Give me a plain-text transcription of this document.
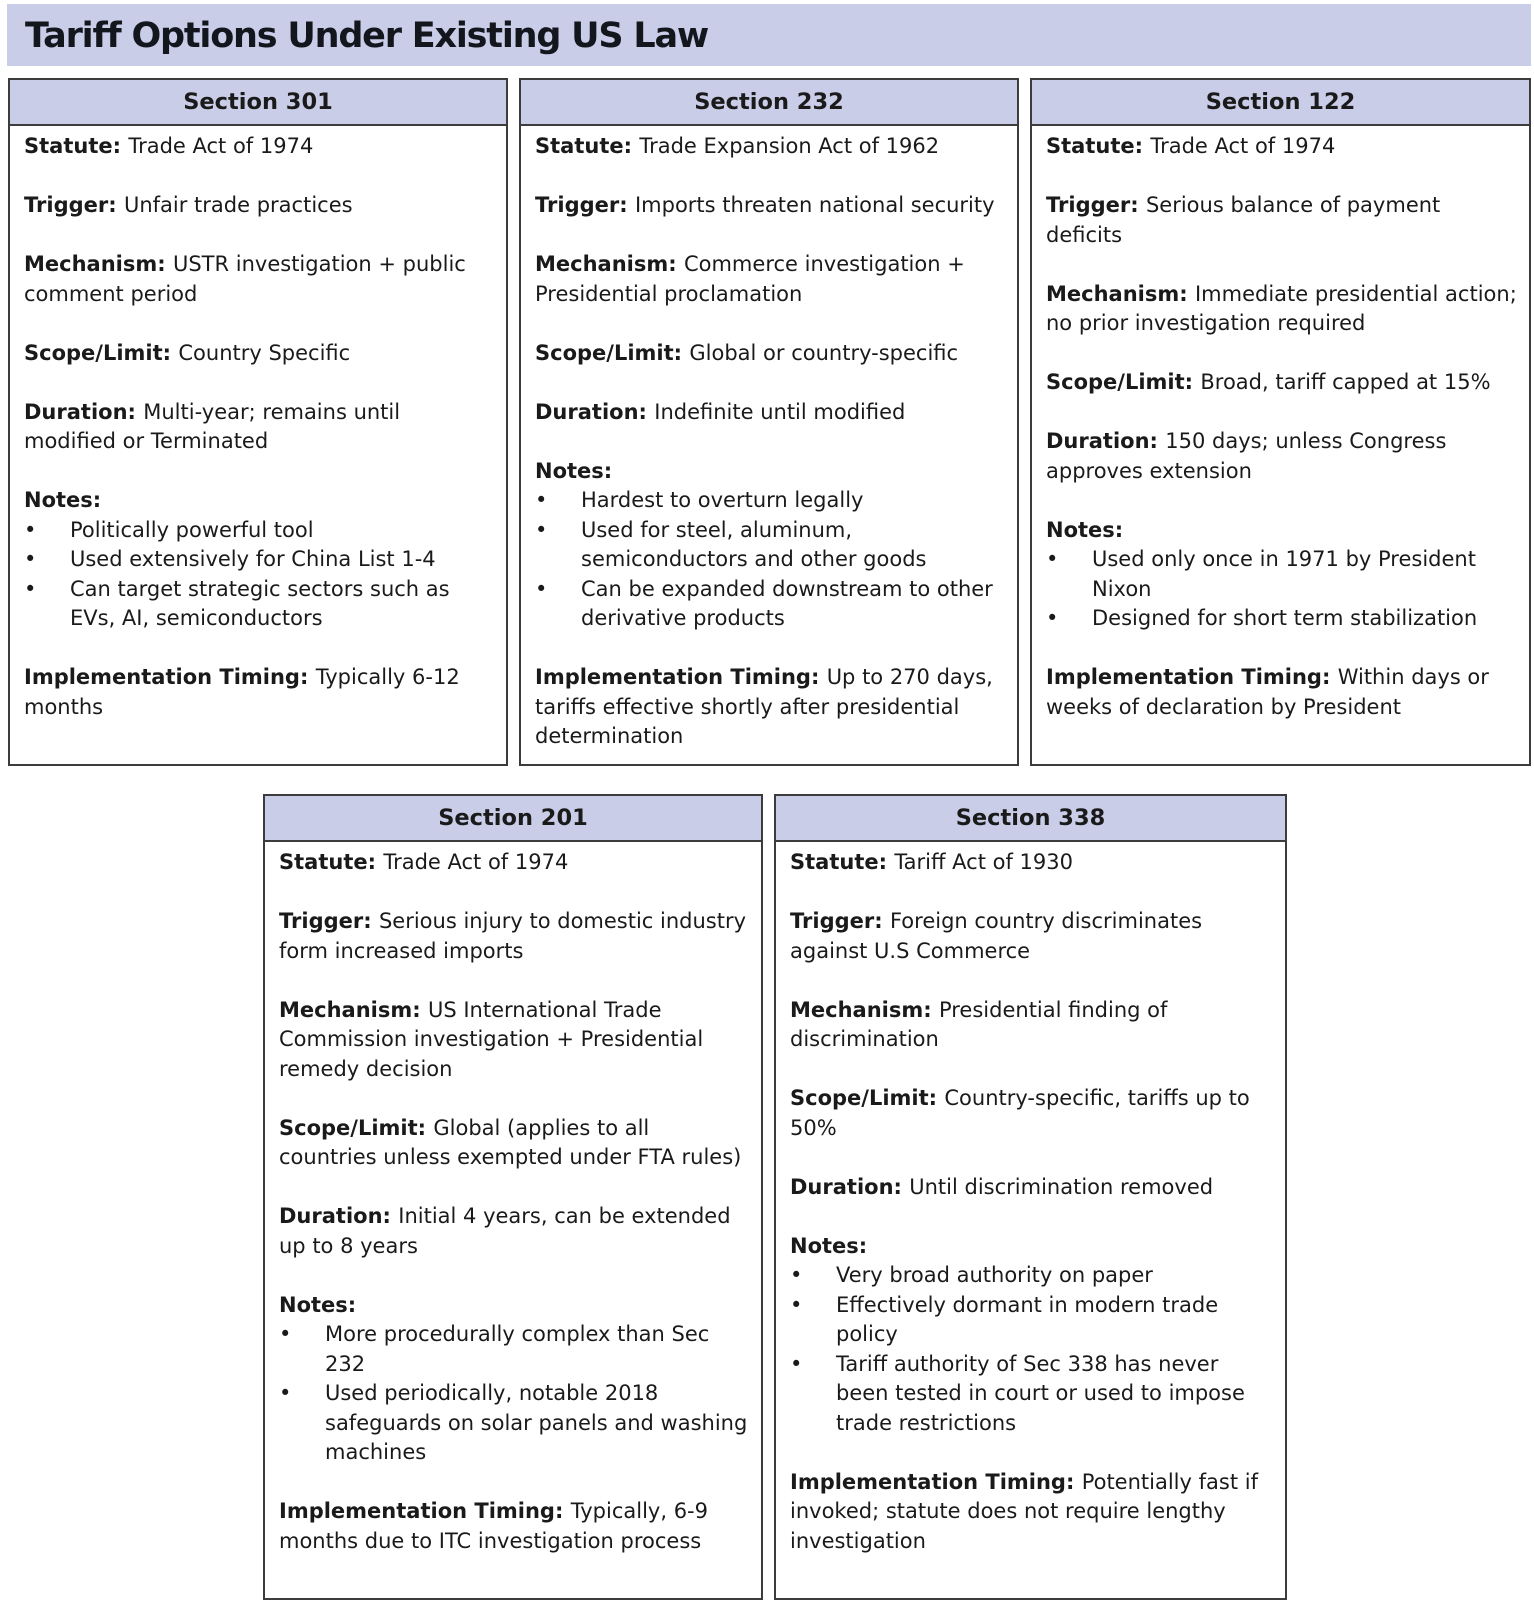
Tariff Options Under Existing US Law
Section 301
Statute: Trade Act of 1974
Trigger: Unfair trade practices
Mechanism: USTR investigation + public comment period
Scope/Limit: Country Specific
Duration: Multi-year; remains until modified or Terminated
Notes:
•	Politically powerful tool
•	Used extensively for China List 1-4
•	Can target strategic sectors such as EVs, AI, semiconductors
Implementation Timing: Typically 6-12 months
Section 232
Statute: Trade Expansion Act of 1962
Trigger: Imports threaten national security
Mechanism: Commerce investigation + Presidential proclamation
Scope/Limit: Global or country-specific
Duration: Indefinite until modified
Notes:
•	Hardest to overturn legally
•	Used for steel, aluminum, semiconductors and other goods
•	Can be expanded downstream to other derivative products
Implementation Timing: Up to 270 days, tariffs effective shortly after presidential determination
Section 122
Statute: Trade Act of 1974
Trigger: Serious balance of payment deficits
Mechanism: Immediate presidential action; no prior investigation required
Scope/Limit: Broad, tariff capped at 15%
Duration: 150 days; unless Congress approves extension
Notes:
•	Used only once in 1971 by President Nixon
•	Designed for short term stabilization
Implementation Timing: Within days or weeks of declaration by President
Section 201
Statute: Trade Act of 1974
Trigger: Serious injury to domestic industry form increased imports
Mechanism: US International Trade Commission investigation + Presidential remedy decision
Scope/Limit: Global (applies to all countries unless exempted under FTA rules)
Duration: Initial 4 years, can be extended up to 8 years
Notes:
•	More procedurally complex than Sec 232
•	Used periodically, notable 2018 safeguards on solar panels and washing machines
Implementation Timing: Typically, 6-9 months due to ITC investigation process
Section 338
Statute: Tariff Act of 1930
Trigger: Foreign country discriminates against U.S Commerce
Mechanism: Presidential finding of discrimination
Scope/Limit: Country-specific, tariffs up to 50%
Duration: Until discrimination removed
Notes:
•	Very broad authority on paper
•	Effectively dormant in modern trade policy
•	Tariff authority of Sec 338 has never been tested in court or used to impose trade restrictions
Implementation Timing: Potentially fast if invoked; statute does not require lengthy investigation
